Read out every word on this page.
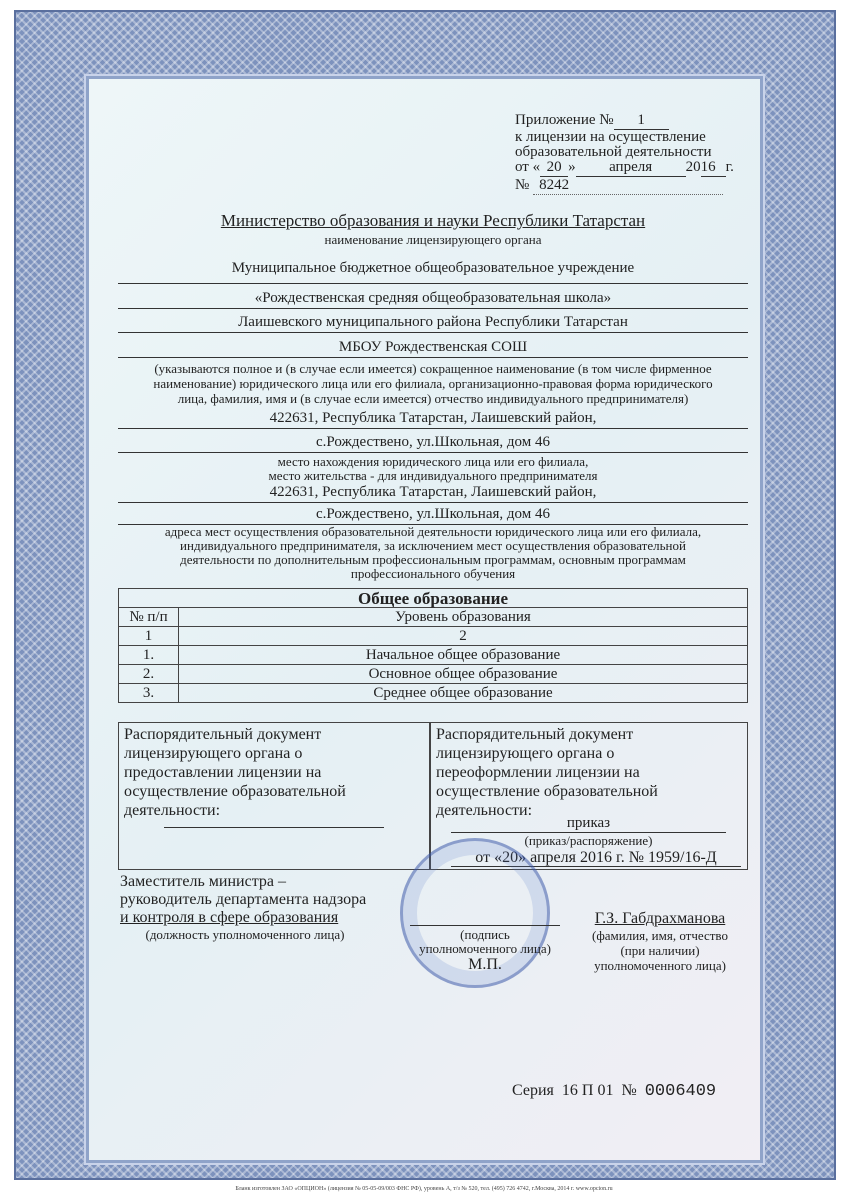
Приложение № 1
к лицензии на осуществление
образовательной деятельности
от « 20 » апреля 2016 г.
№ 8242
Министерство образования и науки Республики Татарстан
наименование лицензирующего органа
Муниципальное бюджетное общеобразовательное учреждение
«Рождественская средняя общеобразовательная школа»
Лаишевского муниципального района Республики Татарстан
МБОУ Рождественская СОШ
(указываются полное и (в случае если имеется) сокращенное наименование (в том числе фирменное
наименование) юридического лица или его филиала, организационно-правовая форма юридического
лица, фамилия, имя и (в случае если имеется) отчество индивидуального предпринимателя)
422631, Республика Татарстан, Лаишевский район,
с.Рождествено, ул.Школьная, дом 46
место нахождения юридического лица или его филиала,
место жительства - для индивидуального предпринимателя
422631, Республика Татарстан, Лаишевский район,
с.Рождествено, ул.Школьная, дом 46
адреса мест осуществления образовательной деятельности юридического лица или его филиала,
индивидуального предпринимателя, за исключением мест осуществления образовательной
деятельности по дополнительным профессиональным программам, основным программам
профессионального обучения
Общее образование	
№ п/п	Уровень образования
1	2
1.	Начальное общее образование
2.	Основное общее образование
3.	Среднее общее образование
Распорядительный документ
лицензирующего органа о
предоставлении лицензии на
осуществление образовательной
деятельности:
Распорядительный документ
лицензирующего органа о
переоформлении лицензии на
осуществление образовательной
деятельности:
приказ
(приказ/распоряжение)
от «20» апреля 2016 г. № 1959/16-Д
Заместитель министра –
руководитель департамента надзора
и контроля в сфере образования
(должность уполномоченного лица)	(подпись
уполномоченного лица)
М.П.
Г.З. Габдрахманова
(фамилия, имя, отчество
(при наличии)
уполномоченного лица)
Серия 16 П 01 № 0006409
Бланк изготовлен ЗАО «ОПЦИОН» (лицензия № 05-05-09/003 ФНС РФ), уровень А, т/з № 520, тел. (495) 726 4742, г.Москва, 2014 г. www.opcion.ru
